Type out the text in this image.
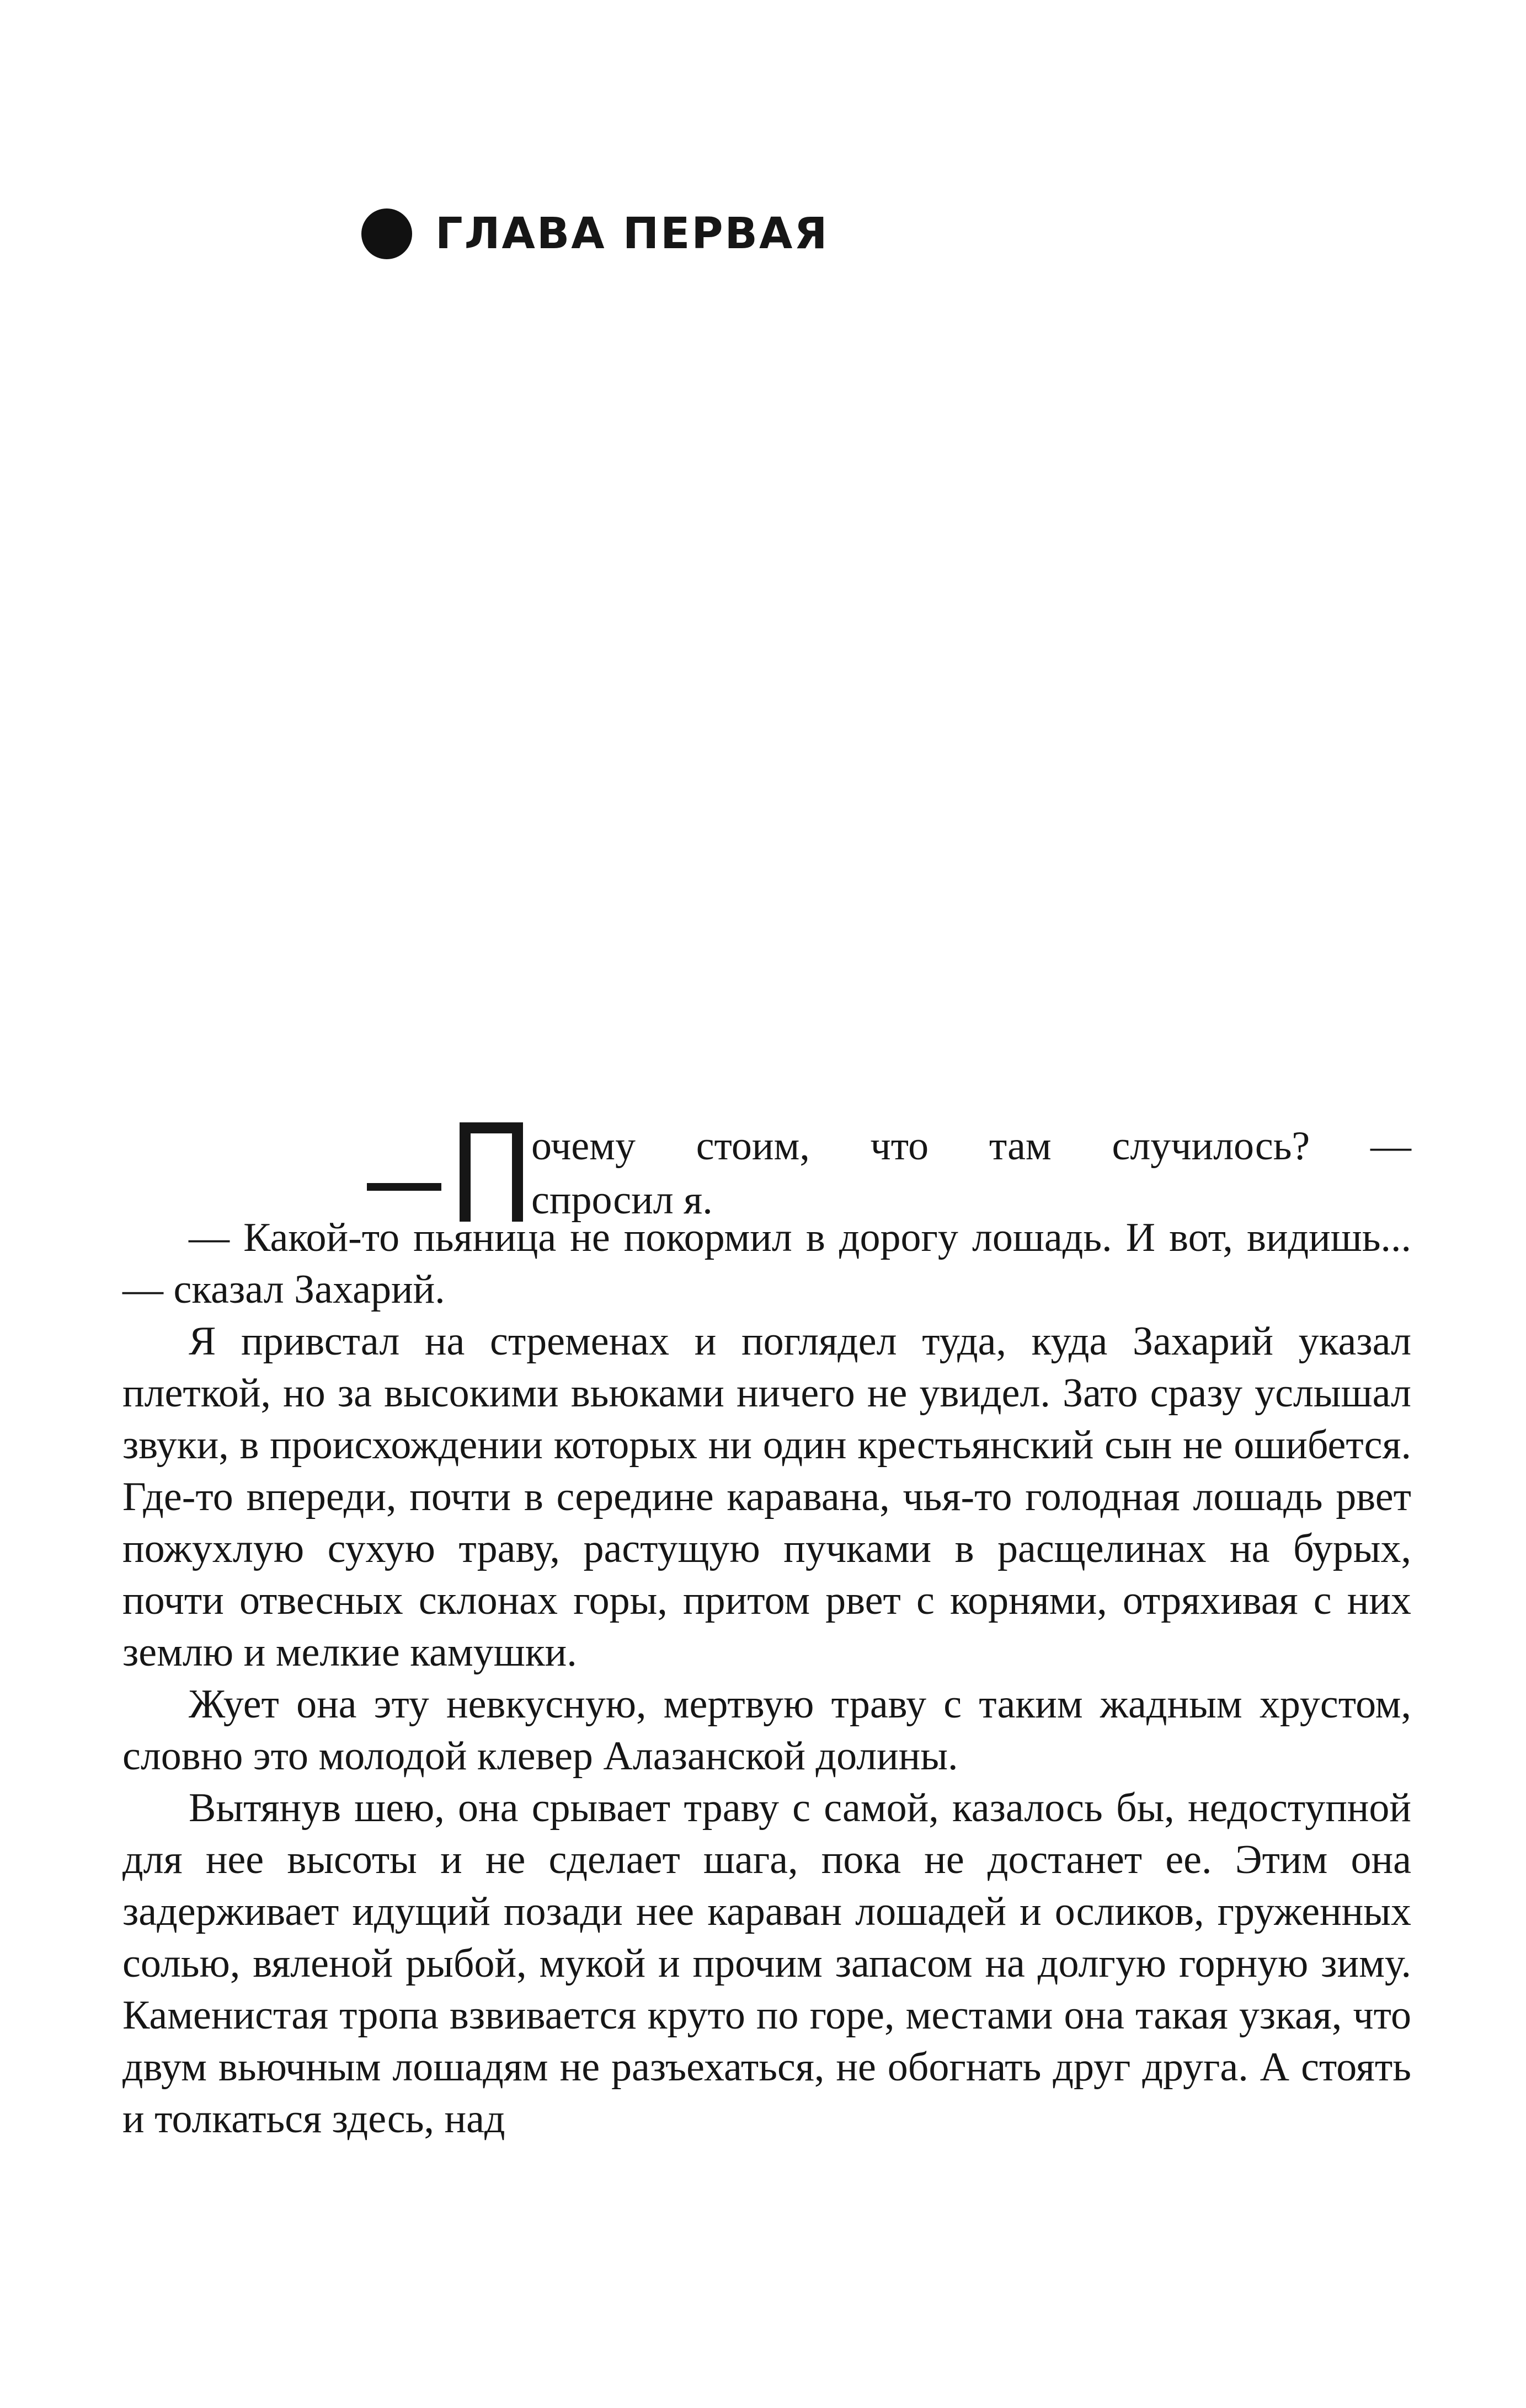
ГЛАВА ПЕРВАЯ
очему стоим, что там случилось? —
спросил я.

— Какой-то пьяница не покормил в дорогу лошадь. И вот, видишь...— сказал Захарий.

Я привстал на стременах и поглядел туда, куда Захарий указал плеткой, но за высокими вьюками ничего не увидел. Зато сразу услышал звуки, в происхождении которых ни один крестьянский сын не ошибется. Где-то впереди, почти в середине каравана, чья-то голодная лошадь рвет пожухлую сухую траву, растущую пучками в расщелинах на бурых, почти отвесных склонах горы, притом рвет с корнями, отряхивая с них землю и мелкие камушки.

Жует она эту невкусную, мертвую траву с таким жадным хрустом, словно это молодой клевер Алазанской долины.

Вытянув шею, она срывает траву с самой, казалось бы, недоступной для нее высоты и не сделает шага, пока не достанет ее. Этим она задерживает идущий позади нее караван лошадей и осликов, груженных солью, вяленой рыбой, мукой и прочим запасом на долгую горную зиму. Каменистая тропа взвивается круто по горе, местами она такая узкая, что двум вьючным лошадям не разъехаться, не обогнать друг друга. А стоять и толкаться здесь, над
